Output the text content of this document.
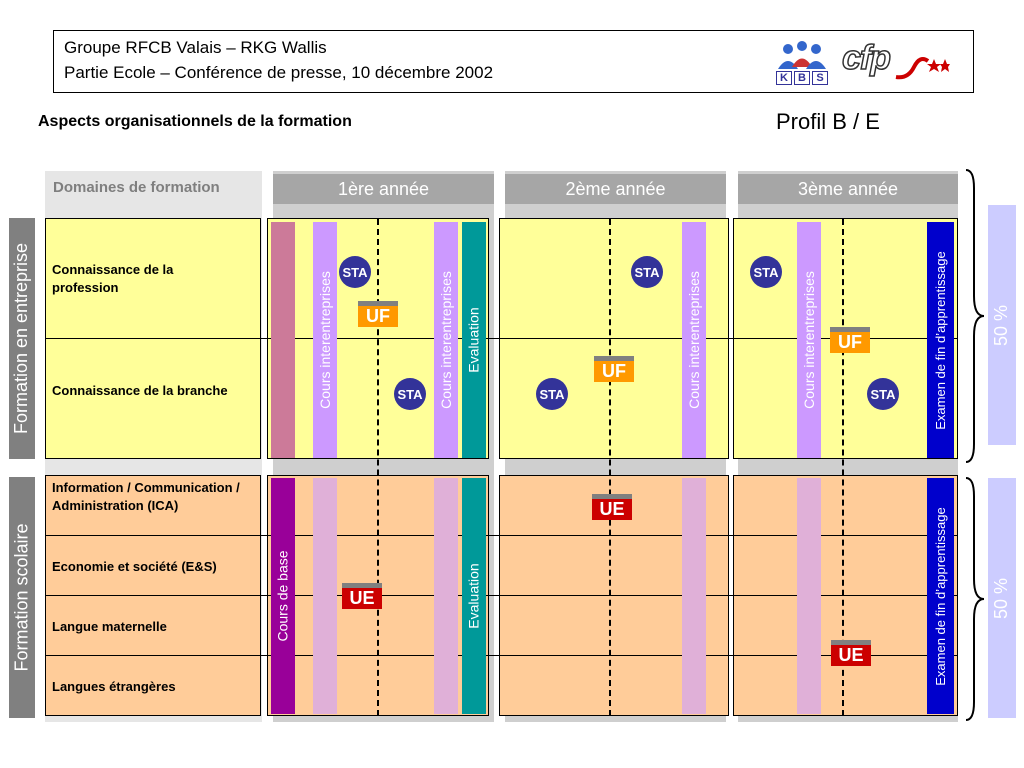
Groupe RFCB Valais – RKG Wallis
Partie Ecole – Conférence de presse, 10 décembre 2002	K B S
cfp
Aspects organisationnels de la formation	Profil B / E
Domaines de formation	1ère année	2ème année	3ème année
Connaissance de la profession
Connaissance de la branche
Information / Communication / Administration (ICA)
Economie et société (E&S)
Langue maternelle
Langues étrangères
Cours interentreprises	Cours interentreprises Evaluation	Cours interentreprises	Cours interentreprises	Examen de fin d’apprentissage
Cours de base	Evaluation	Examen de fin d’apprentissage
STA
STA
STA
STA
STA
STA
UF
UF
UF
UE
UE
UE
Formation en entreprise
Formation scolaire
50 %
50 %
